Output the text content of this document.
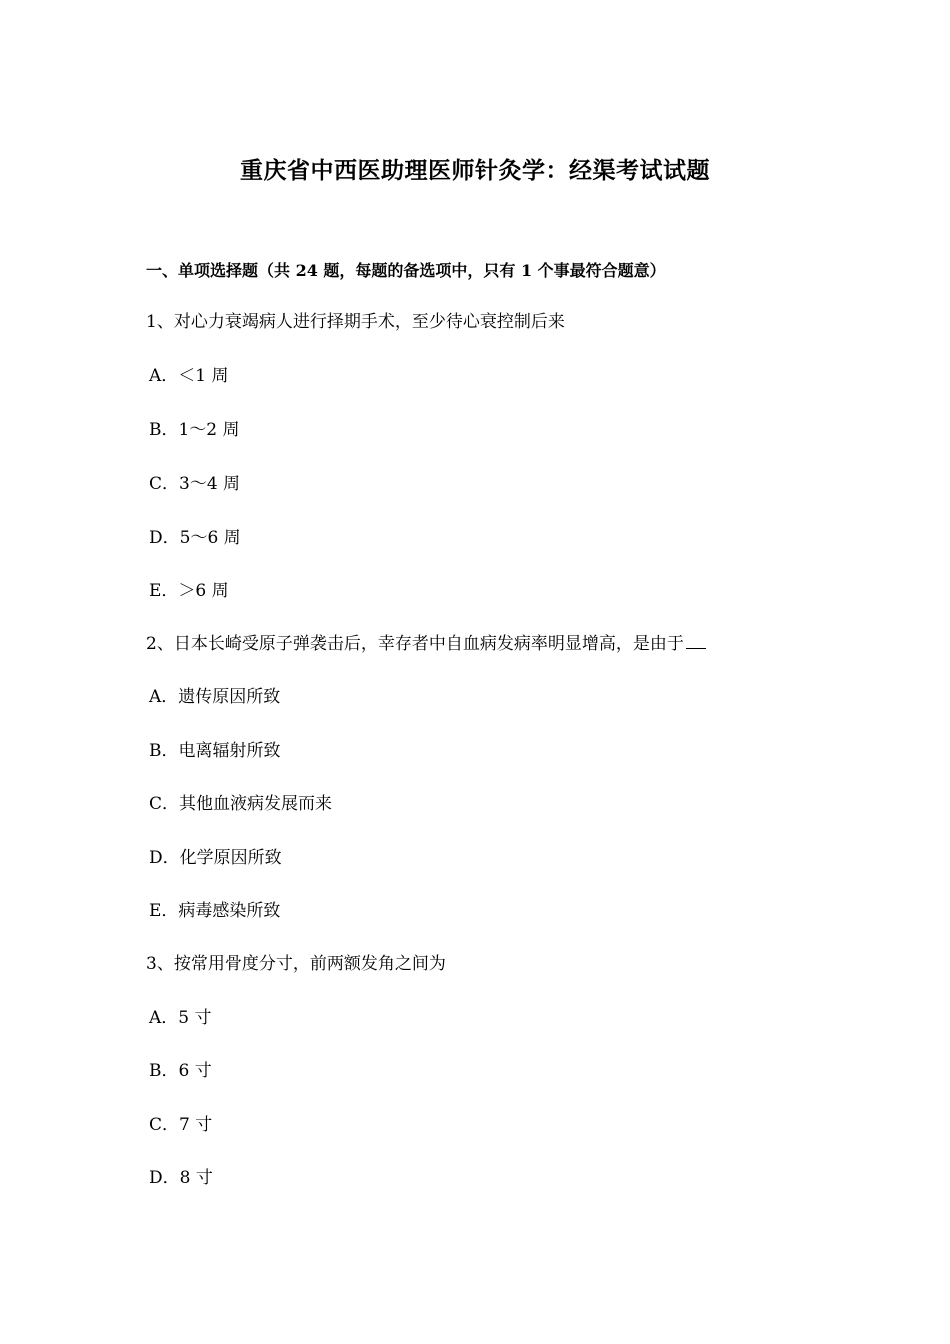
重庆省中西医助理医师针灸学：经渠考试试题
一、单项选择题（共 24 题，每题的备选项中，只有 1 个事最符合题意）
1、对心力衰竭病人进行择期手术，至少待心衰控制后来
A．＜1 周
B．1～2 周
C．3～4 周
D．5～6 周
E．＞6 周
2、日本长崎受原子弹袭击后，幸存者中自血病发病率明显增高，是由于
A．遗传原因所致
B．电离辐射所致
C．其他血液病发展而来
D．化学原因所致
E．病毒感染所致
3、按常用骨度分寸，前两额发角之间为
A．5 寸
B．6 寸
C．7 寸
D．8 寸
